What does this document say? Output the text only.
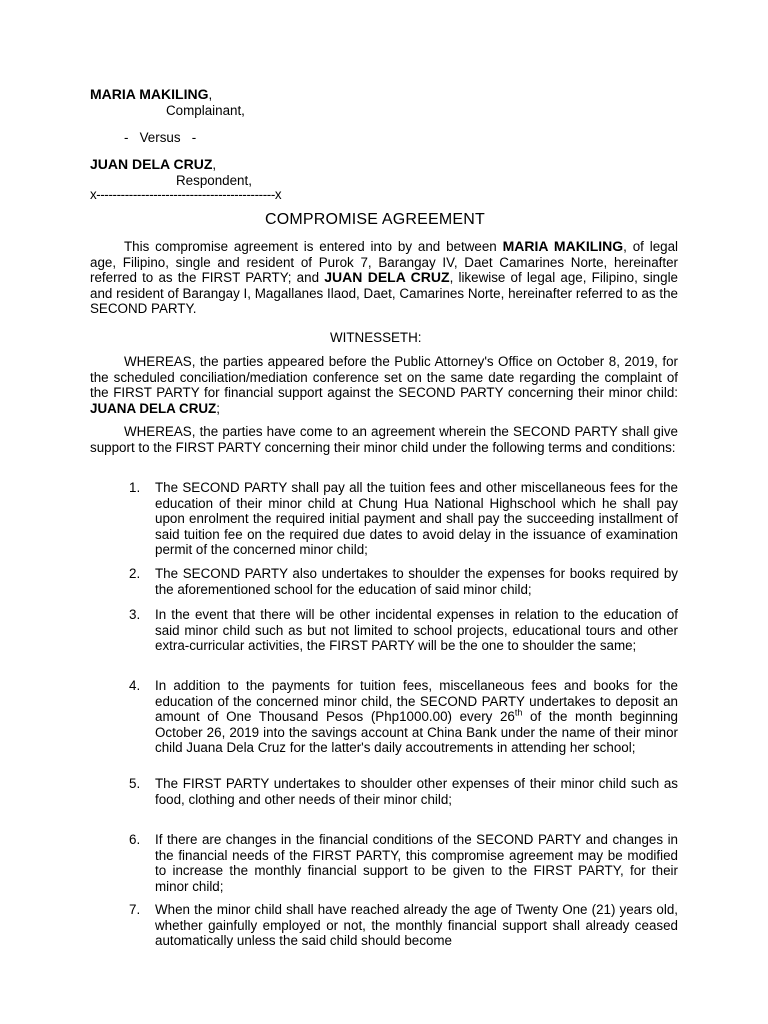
MARIA MAKILING,
Complainant,
-   Versus   -
JUAN DELA CRUZ,
Respondent,
x--------------------------------------------x
COMPROMISE AGREEMENT
This compromise agreement is entered into by and between MARIA MAKILING, of legal age, Filipino, single and resident of Purok 7, Barangay IV, Daet Camarines Norte, hereinafter referred to as the FIRST PARTY; and JUAN DELA CRUZ, likewise of legal age, Filipino, single and resident of Barangay I, Magallanes Ilaod, Daet, Camarines Norte, hereinafter referred to as the SECOND PARTY.
WITNESSETH:
WHEREAS, the parties appeared before the Public Attorney's Office on October 8, 2019, for the scheduled conciliation/mediation conference set on the same date regarding the complaint of the FIRST PARTY for financial support against the SECOND PARTY concerning their minor child: JUANA DELA CRUZ;
WHEREAS, the parties have come to an agreement wherein the SECOND PARTY shall give support to the FIRST PARTY concerning their minor child under the following terms and conditions:
1.	The SECOND PARTY shall pay all the tuition fees and other miscellaneous fees for the education of their minor child at Chung Hua National Highschool which he shall pay upon enrolment the required initial payment and shall pay the succeeding installment of said tuition fee on the required due dates to avoid delay in the issuance of examination permit of the concerned minor child;
2.	The SECOND PARTY also undertakes to shoulder the expenses for books required by the aforementioned school for the education of said minor child;
3.	In the event that there will be other incidental expenses in relation to the education of said minor child such as but not limited to school projects, educational tours and other extra-curricular activities, the FIRST PARTY will be the one to shoulder the same;
4.	In addition to the payments for tuition fees, miscellaneous fees and books for the education of the concerned minor child, the SECOND PARTY undertakes to deposit an amount of One Thousand Pesos (Php1000.00) every 26th of the month beginning October 26, 2019 into the savings account at China Bank under the name of their minor child Juana Dela Cruz for the latter's daily accoutrements in attending her school;
5.	The FIRST PARTY undertakes to shoulder other expenses of their minor child such as food, clothing and other needs of their minor child;
6.	If there are changes in the financial conditions of the SECOND PARTY and changes in the financial needs of the FIRST PARTY, this compromise agreement may be modified to increase the monthly financial support to be given to the FIRST PARTY, for their minor child;
7.	When the minor child shall have reached already the age of Twenty One (21) years old, whether gainfully employed or not, the monthly financial support shall already ceased automatically unless the said child should become
